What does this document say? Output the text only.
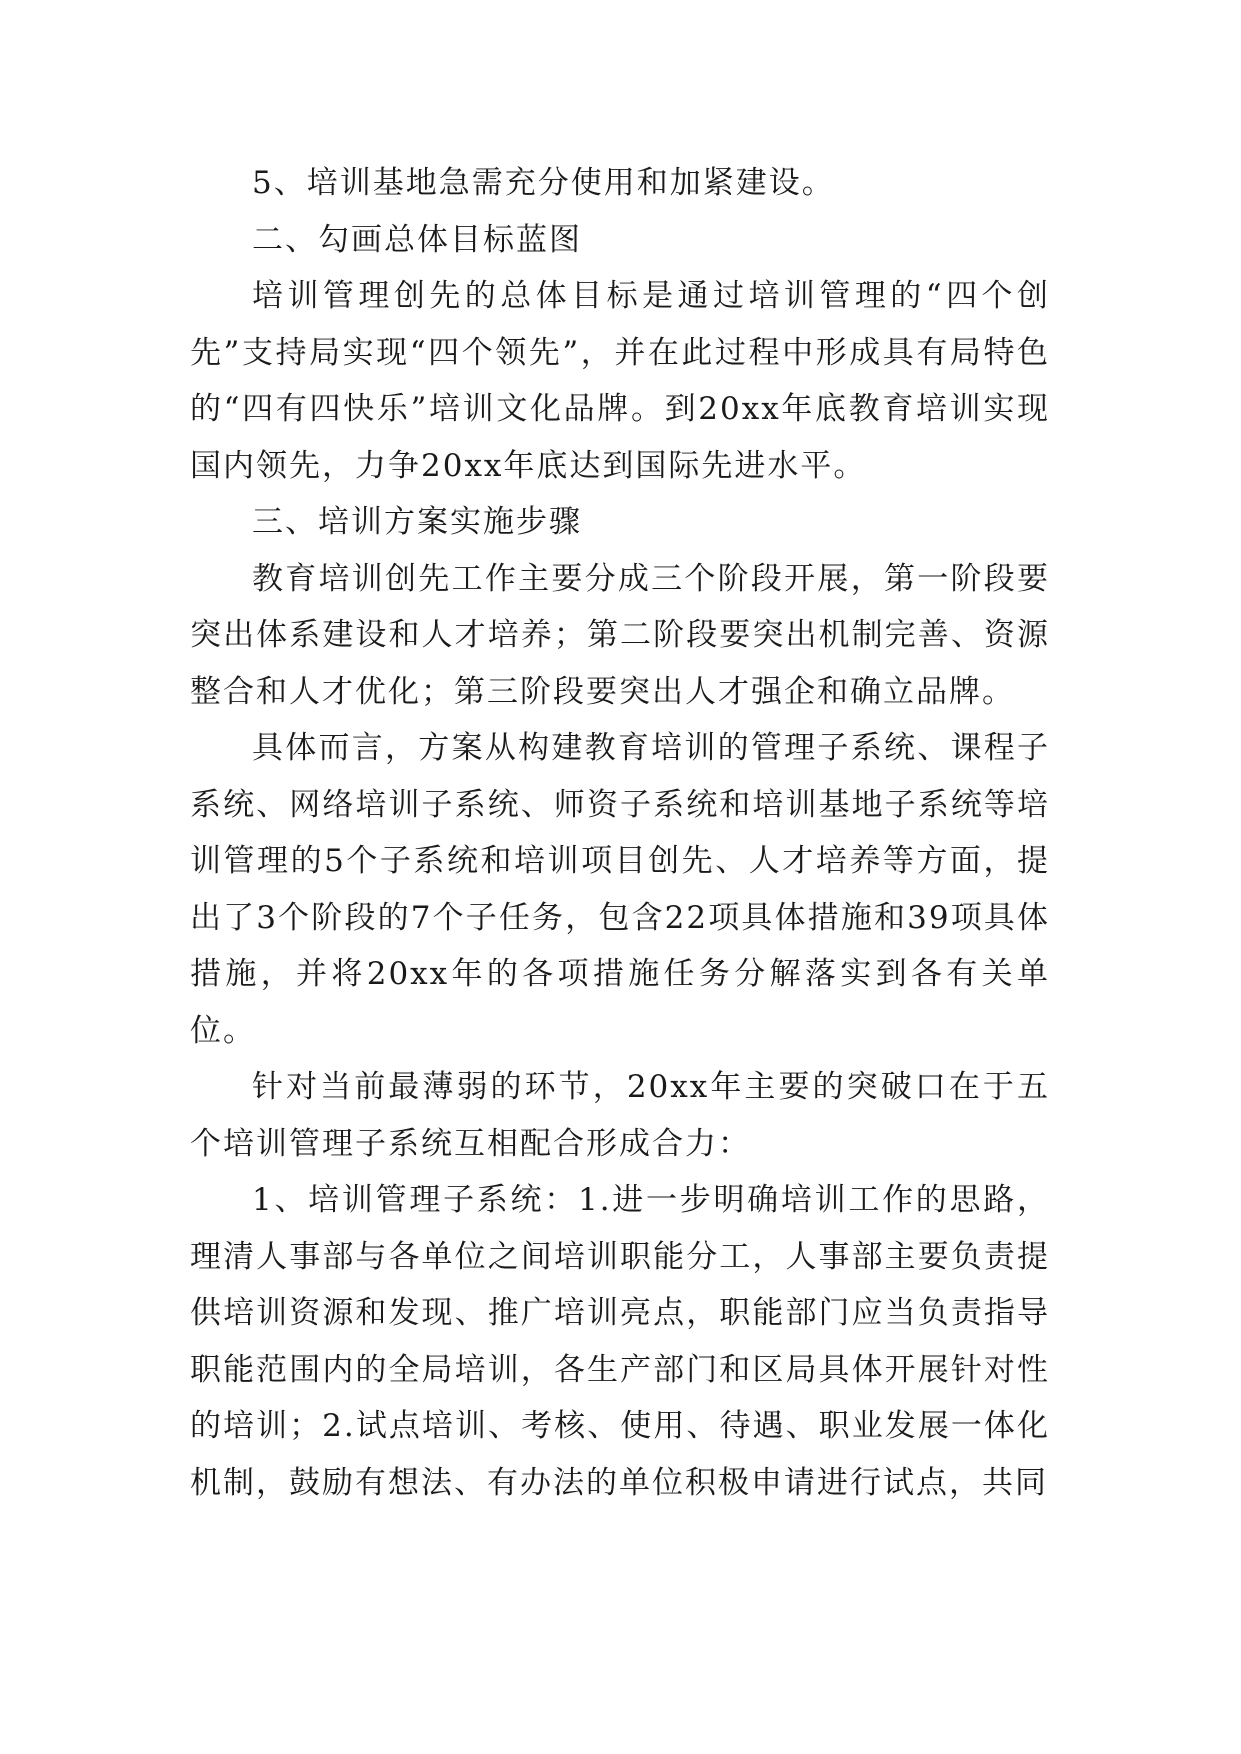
5、培训基地急需充分使用和加紧建设。

二、勾画总体目标蓝图

培训管理创先的总体目标是通过培训管理的“四个创先”支持局实现“四个领先”，并在此过程中形成具有局特色的“四有四快乐”培训文化品牌。到20xx年底教育培训实现国内领先，力争20xx年底达到国际先进水平。

三、培训方案实施步骤

教育培训创先工作主要分成三个阶段开展，第一阶段要突出体系建设和人才培养；第二阶段要突出机制完善、资源整合和人才优化；第三阶段要突出人才强企和确立品牌。

具体而言，方案从构建教育培训的管理子系统、课程子系统、网络培训子系统、师资子系统和培训基地子系统等培训管理的5个子系统和培训项目创先、人才培养等方面，提出了3个阶段的7个子任务，包含22项具体措施和39项具体措施，并将20xx年的各项措施任务分解落实到各有关单位。

针对当前最薄弱的环节，20xx年主要的突破口在于五个培训管理子系统互相配合形成合力：

1、培训管理子系统：1.进一步明确培训工作的思路，理清人事部与各单位之间培训职能分工，人事部主要负责提供培训资源和发现、推广培训亮点，职能部门应当负责指导职能范围内的全局培训，各生产部门和区局具体开展针对性的培训；2.试点培训、考核、使用、待遇、职业发展一体化机制，鼓励有想法、有办法的单位积极申请进行试点，共同
